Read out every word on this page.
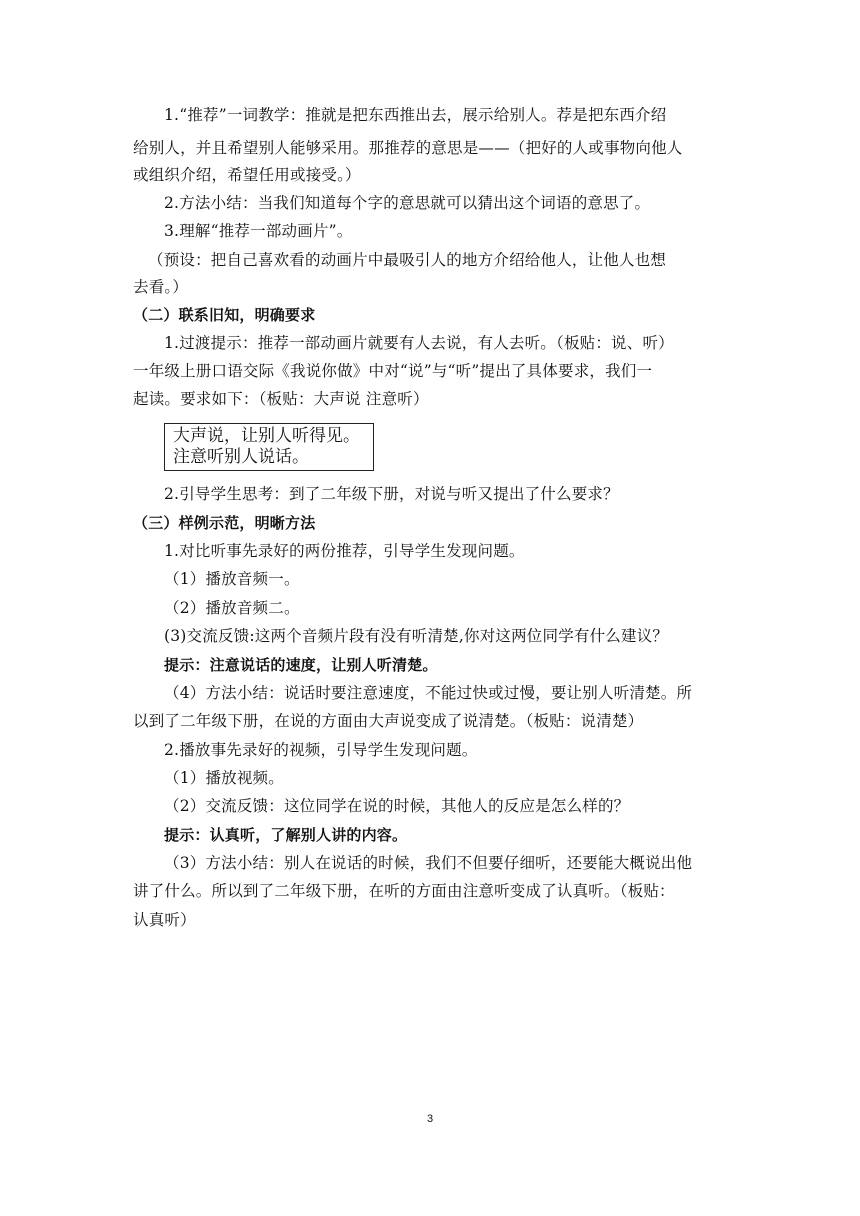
1.“推荐”一词教学：推就是把东西推出去，展示给别人。荐是把东西介绍

给别人，并且希望别人能够采用。那推荐的意思是——（把好的人或事物向他人

或组织介绍，希望任用或接受。）

2.方法小结：当我们知道每个字的意思就可以猜出这个词语的意思了。

3.理解“推荐一部动画片”。

（预设：把自己喜欢看的动画片中最吸引人的地方介绍给他人，让他人也想

去看。）

（二）联系旧知，明确要求

1.过渡提示：推荐一部动画片就要有人去说，有人去听。（板贴：说、听）

一年级上册口语交际《我说你做》中对“说”与“听”提出了具体要求，我们一

起读。要求如下：（板贴：大声说 注意听）

大声说，让别人听得见。

注意听别人说话。

2.引导学生思考：到了二年级下册，对说与听又提出了什么要求？

（三）样例示范，明晰方法

1.对比听事先录好的两份推荐，引导学生发现问题。

（1）播放音频一。

（2）播放音频二。

(3)交流反馈:这两个音频片段有没有听清楚,你对这两位同学有什么建议？

提示：注意说话的速度，让别人听清楚。

（4）方法小结：说话时要注意速度，不能过快或过慢，要让别人听清楚。所

以到了二年级下册，在说的方面由大声说变成了说清楚。（板贴：说清楚）

2.播放事先录好的视频，引导学生发现问题。

（1）播放视频。

（2）交流反馈：这位同学在说的时候，其他人的反应是怎么样的？

提示：认真听，了解别人讲的内容。

（3）方法小结：别人在说话的时候，我们不但要仔细听，还要能大概说出他

讲了什么。所以到了二年级下册，在听的方面由注意听变成了认真听。（板贴：

认真听）

3
